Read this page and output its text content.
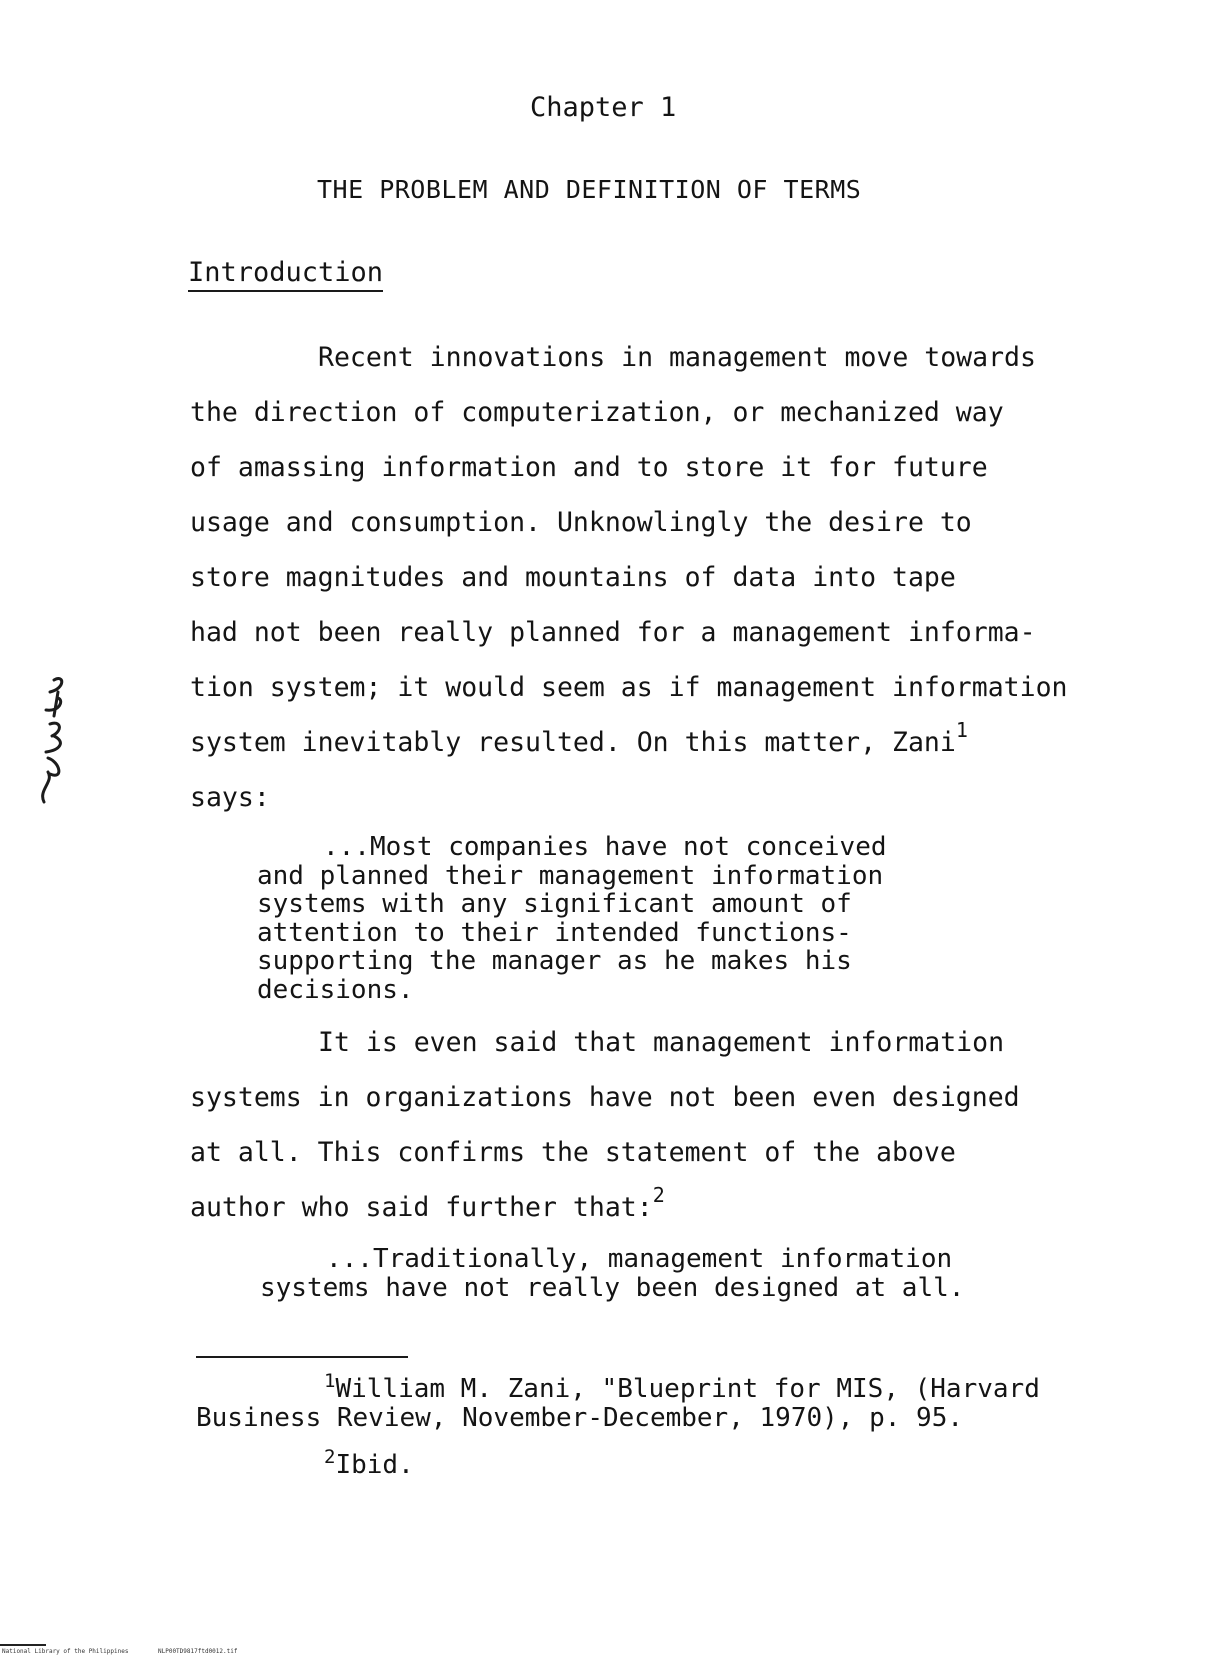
Chapter 1
THE PROBLEM AND DEFINITION OF TERMS
Introduction
Recent innovations in management move towards
the direction of computerization, or mechanized way
of amassing information and to store it for future
usage and consumption. Unknowlingly the desire to
store magnitudes and mountains of data into tape
had not been really planned for a management informa-
tion system; it would seem as if management information
system inevitably resulted. On this matter, Zani$^1$
says:
...Most companies have not conceived
and planned their management information
systems with any significant amount of
attention to their intended functions-
supporting the manager as he makes his
decisions.
It is even said that management information
systems in organizations have not been even designed
at all. This confirms the statement of the above
author who said further that:$^2$
...Traditionally, management information
systems have not really been designed at all.
$^1$William M. Zani, "Blueprint for MIS, (Harvard
Business Review, November-December, 1970), p. 95.
$^2$Ibid.
National Library of the Philippines	NLP00TD9817ftd0012.tif
